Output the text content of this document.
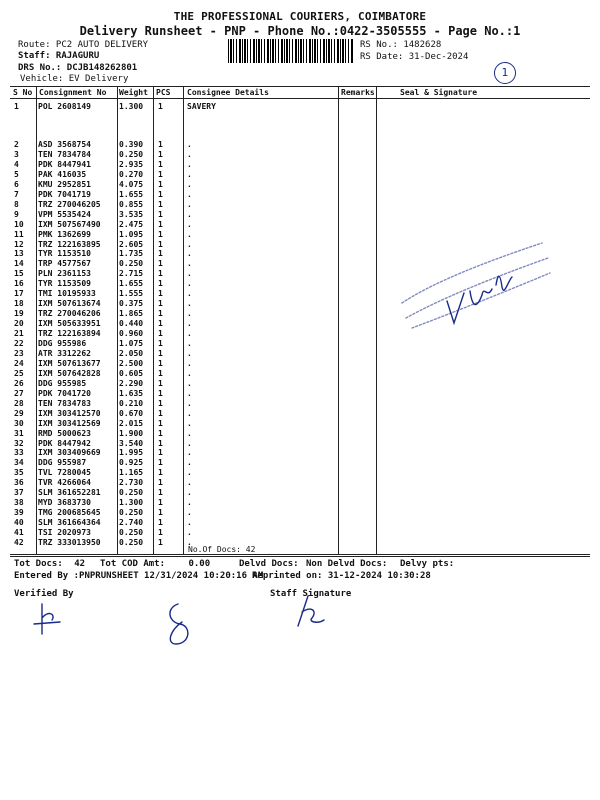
THE PROFESSIONAL COURIERS, COIMBATORE
Delivery Runsheet - PNP - Phone No.:0422-3505555 - Page No.:1
Route: PC2 AUTO DELIVERY
Staff: RAJAGURU
DRS No.: DCJB148262801
Vehicle: EV Delivery
RS No.: 1482628
RS Date: 31-Dec-2024
1
S No Consignment No Weight PCS Consignee Details	Remarks	Seal & Signature
1 POL 2608149	1.300 1	SAVERY
2 ASD 3568754	0.390 1	.
3 TEN 7834784	0.250 1	.
4 PDK 8447941	2.935 1	.
5 PAK 416035	0.270 1	.
6 KMU 2952851	4.075 1	.
7 PDK 7041719	1.655 1	.
8 TRZ 270046205 0.855 1	.
9 VPM 5535424	3.535 1	.
10 IXM 507567490 2.475 1	.
11 PMK 1362699	1.095 1	.
12 TRZ 122163895 2.605 1	.
13 TYR 1153510	1.735 1	.
14 TRP 4577567	0.250 1	.
15 PLN 2361153	2.715 1	.
16 TYR 1153509	1.655 1	.
17 TMI 10195933	1.555 1	.
18 IXM 507613674 0.375 1	.
19 TRZ 270046206 1.865 1	.
20 IXM 505633951 0.440 1	.
21 TRZ 122163894 0.960 1	.
22 DDG 955986	1.075 1	.
23 ATR 3312262	2.050 1	.
24 IXM 507613677 2.500 1	.
25 IXM 507642828 0.605 1	.
26 DDG 955985	2.290 1	.
27 PDK 7041720	1.635 1	.
28 TEN 7834783	0.210 1	.
29 IXM 303412570 0.670 1	.
30 IXM 303412569 2.015 1	.
31 RMD 5000623	1.900 1	.
32 PDK 8447942	3.540 1	.
33 IXM 303409669 1.995 1	.
34 DDG 955987	0.925 1	.
35 TVL 7280045	1.165 1	.
36 TVR 4266064	2.730 1	.
37 SLM 361652281 0.250 1	.
38 MYD 3683730	1.300 1	.
39 TMG 200685645 0.250 1	.
40 SLM 361664364 2.740 1	.
41 TSI 2020973	0.250 1	.
42 TRZ 333013950 0.250 1	.
No.Of Docs: 42
Tot Docs: 42 Tot COD Amt:	0.00	Delvd Docs: Non Delvd Docs: Delvy pts:
Entered By :PNPRUNSHEET 12/31/2024 10:20:16 AM
Reprinted on: 31-12-2024 10:30:28
Verified By	Staff Signature
